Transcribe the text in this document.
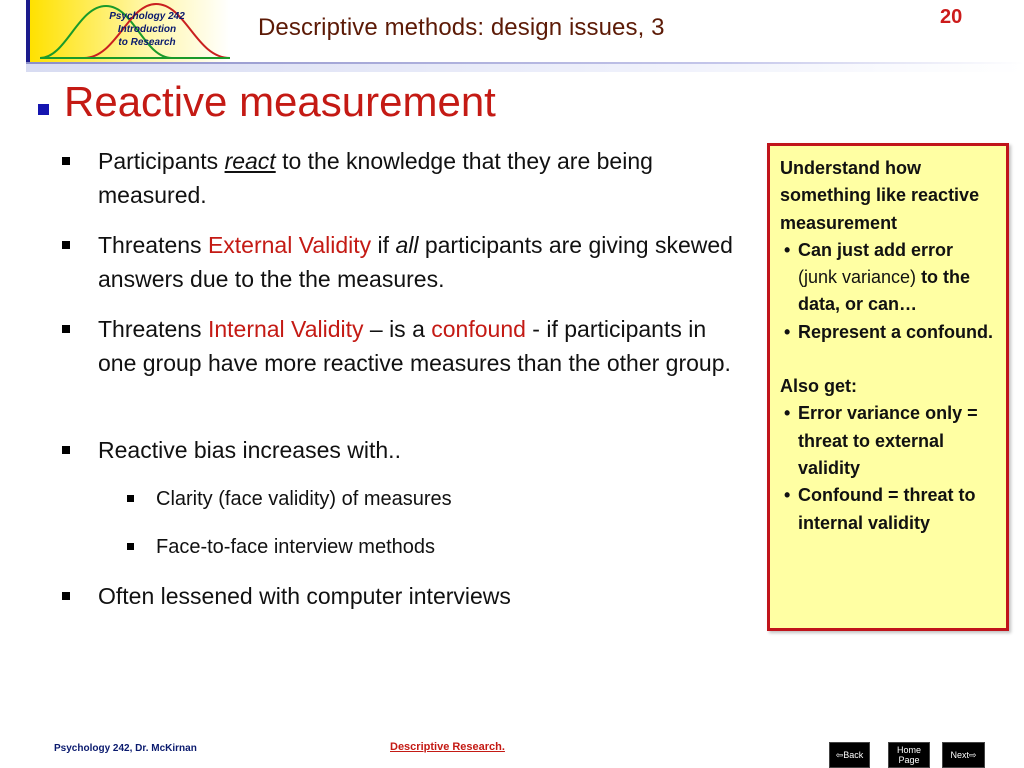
Psychology 242
Introduction
to Research
Descriptive methods: design issues, 3	20
Reactive measurement
Participants react to the knowledge that they are being measured.
Threatens External Validity if all participants are giving skewed answers due to the the measures.
Threatens Internal Validity – is a confound - if participants in one group have more reactive measures than the other group.
Reactive bias increases with..
Clarity (face validity) of measures
Face-to-face interview methods
Often lessened with computer interviews
Understand how something like reactive measurement
• Can just add error (junk variance) to the data, or can…
• Represent a confound.
Also get:
• Error variance only = threat to external validity
• Confound = threat to internal validity
Psychology 242, Dr. McKirnan	Descriptive Research.
⇦Back	Home
Page	Next⇨
